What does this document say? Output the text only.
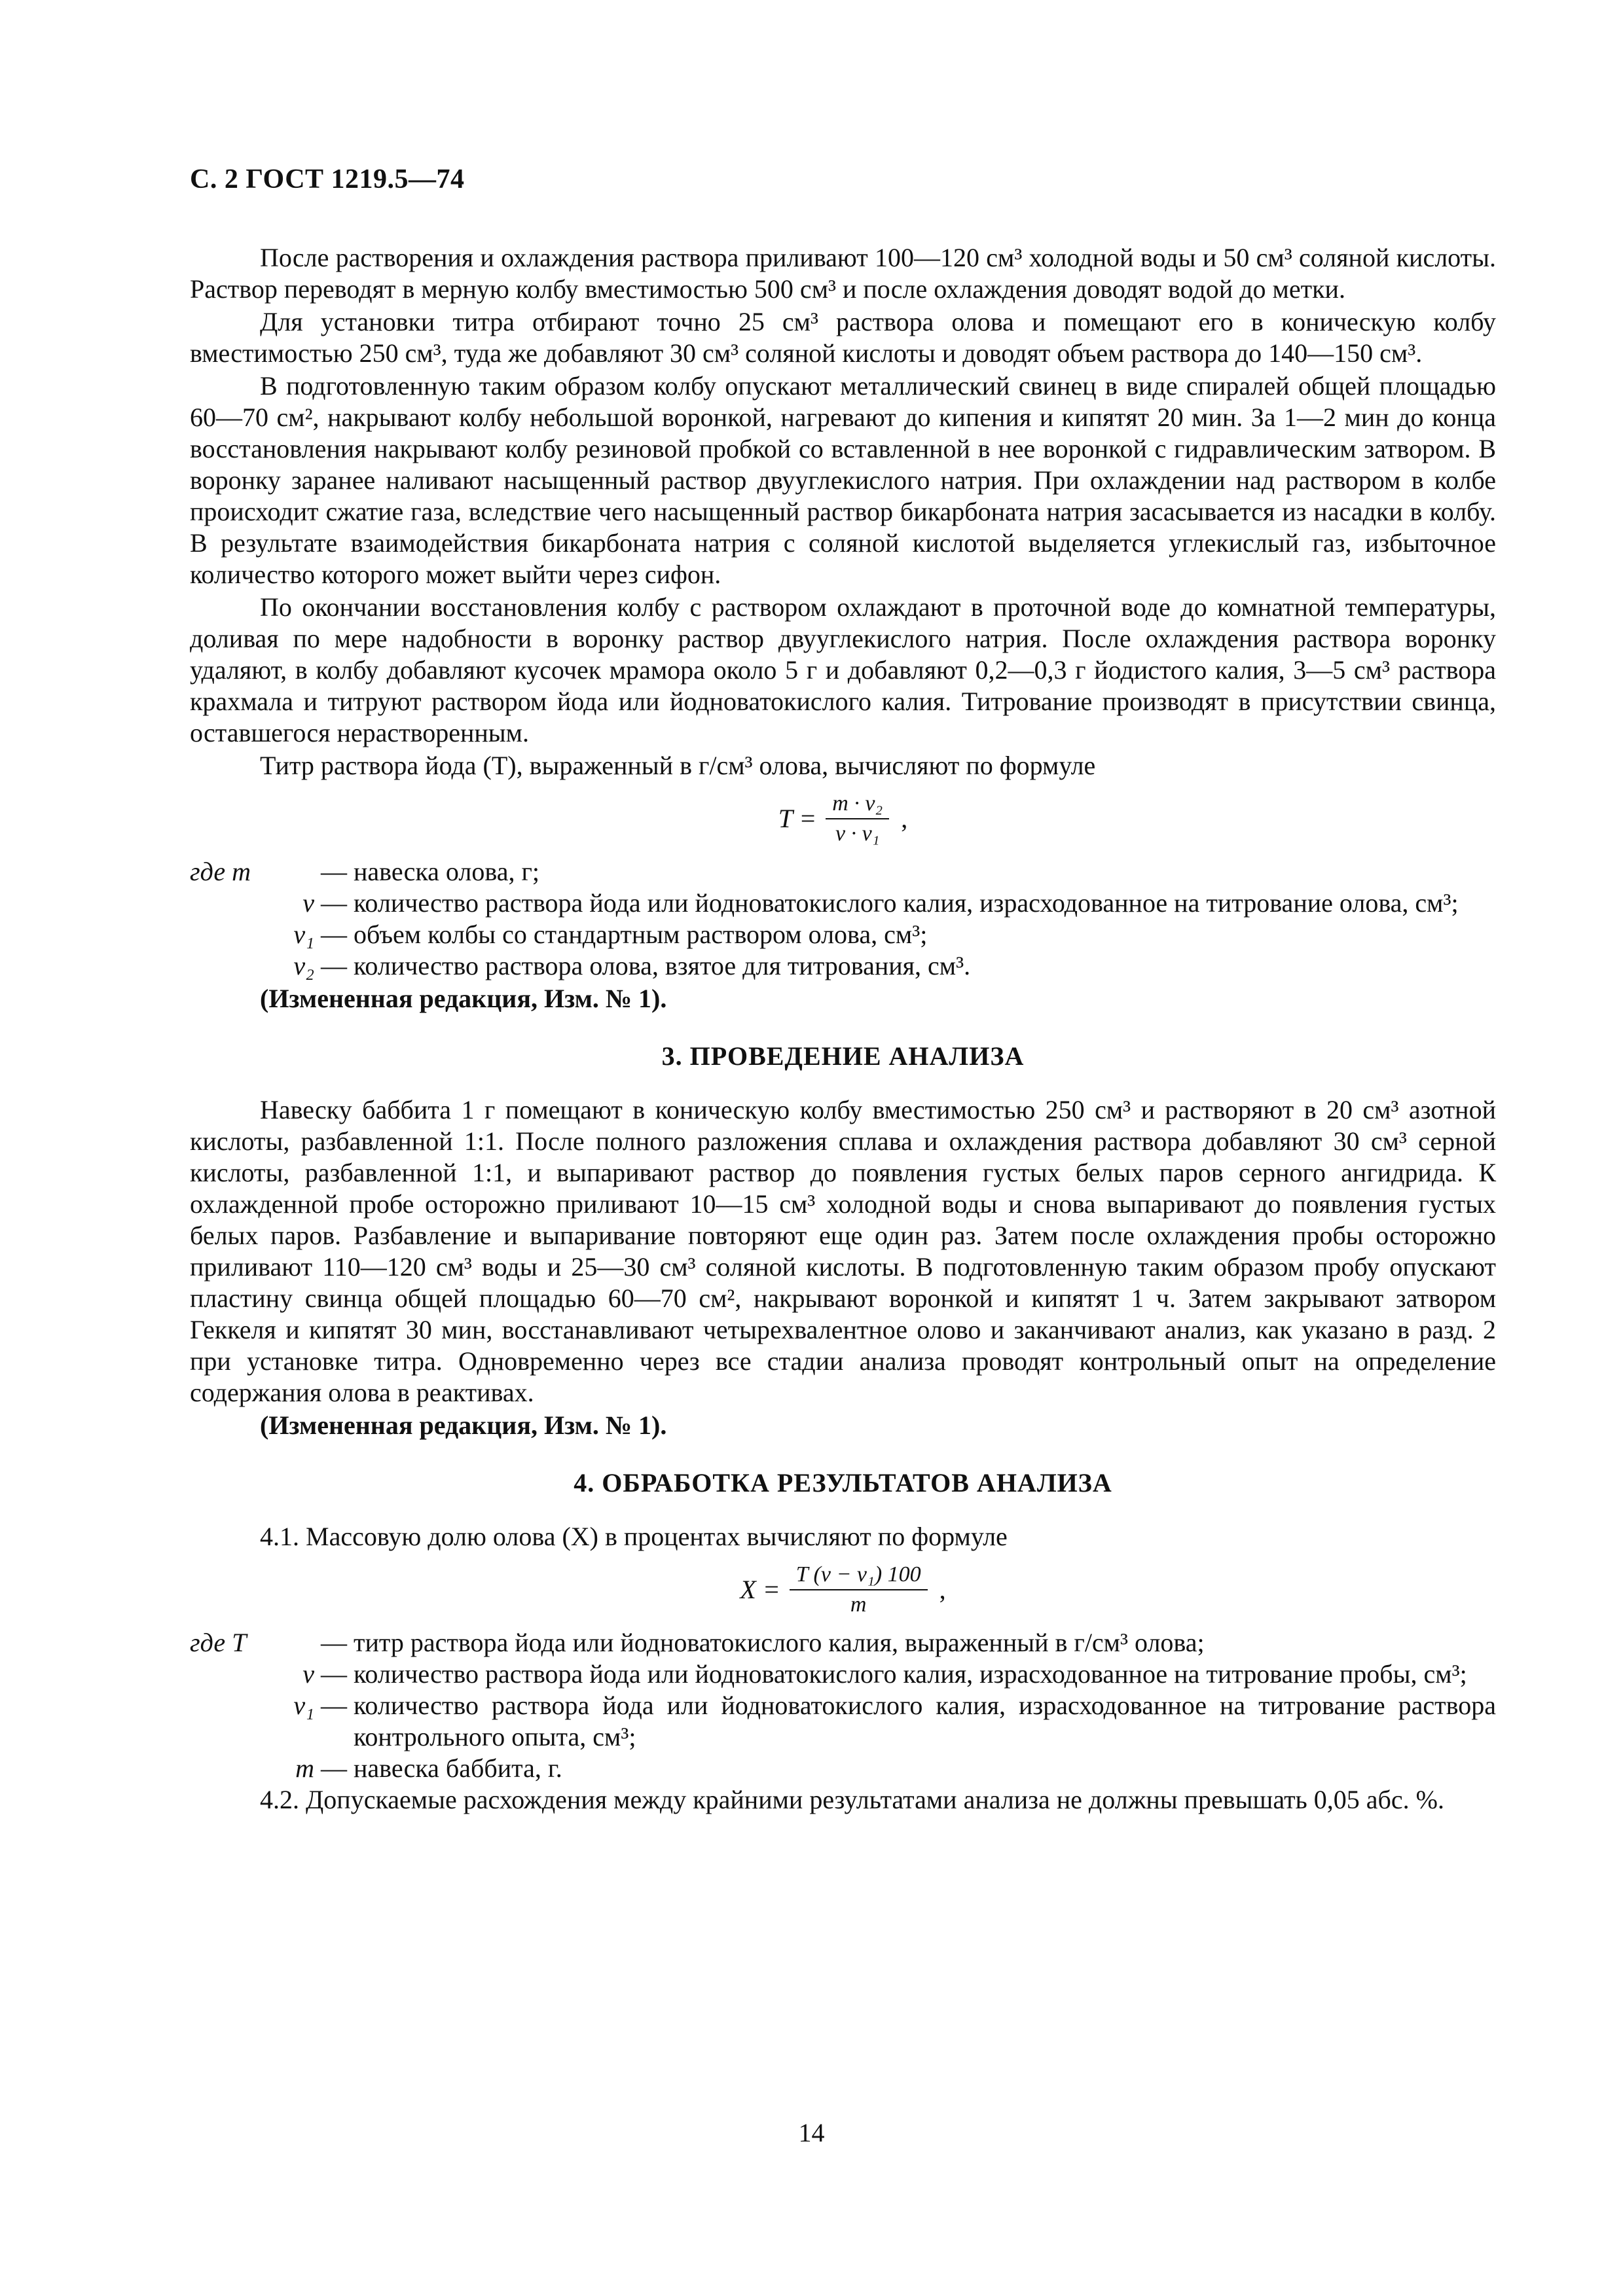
С. 2 ГОСТ 1219.5—74

После растворения и охлаждения раствора приливают 100—120 см³ холодной воды и 50 см³ соляной кислоты. Раствор переводят в мерную колбу вместимостью 500 см³ и после охлаждения доводят водой до метки.

Для установки титра отбирают точно 25 см³ раствора олова и помещают его в коническую колбу вместимостью 250 см³, туда же добавляют 30 см³ соляной кислоты и доводят объем раствора до 140—150 см³.

В подготовленную таким образом колбу опускают металлический свинец в виде спиралей общей площадью 60—70 см², накрывают колбу небольшой воронкой, нагревают до кипения и кипятят 20 мин. За 1—2 мин до конца восстановления накрывают колбу резиновой пробкой со вставленной в нее воронкой с гидравлическим затвором. В воронку заранее наливают насыщенный раствор двууглекислого натрия. При охлаждении над раствором в колбе происходит сжатие газа, вследствие чего насыщенный раствор бикарбоната натрия засасывается из насадки в колбу. В результате взаимодействия бикарбоната натрия с соляной кислотой выделяется углекислый газ, избыточное количество которого может выйти через сифон.

По окончании восстановления колбу с раствором охлаждают в проточной воде до комнатной температуры, доливая по мере надобности в воронку раствор двууглекислого натрия. После охлаждения раствора воронку удаляют, в колбу добавляют кусочек мрамора около 5 г и добавляют 0,2—0,3 г йодистого калия, 3—5 см³ раствора крахмала и титруют раствором йода или йодноватокислого калия. Титрование производят в присутствии свинца, оставшегося нерастворенным.

Титр раствора йода (T), выраженный в г/см³ олова, вычисляют по формуле

$T = \frac{\text{m · v₂}}{\text{v · v₁}}$ ,
где m	— навеска олова, г;
v — количество раствора йода или йодноватокислого калия, израсходованное на титрование олова, см³;
v₁ — объем колбы со стандартным раствором олова, см³;
v₂ — количество раствора олова, взятое для титрования, см³.

(Измененная редакция, Изм. № 1).

3. ПРОВЕДЕНИЕ АНАЛИЗА

Навеску баббита 1 г помещают в коническую колбу вместимостью 250 см³ и растворяют в 20 см³ азотной кислоты, разбавленной 1:1. После полного разложения сплава и охлаждения раствора добавляют 30 см³ серной кислоты, разбавленной 1:1, и выпаривают раствор до появления густых белых паров серного ангидрида. К охлажденной пробе осторожно приливают 10—15 см³ холодной воды и снова выпаривают до появления густых белых паров. Разбавление и выпаривание повторяют еще один раз. Затем после охлаждения пробы осторожно приливают 110—120 см³ воды и 25—30 см³ соляной кислоты. В подготовленную таким образом пробу опускают пластину свинца общей площадью 60—70 см², накрывают воронкой и кипятят 1 ч. Затем закрывают затвором Геккеля и кипятят 30 мин, восстанавливают четырехвалентное олово и заканчивают анализ, как указано в разд. 2 при установке титра. Одновременно через все стадии анализа проводят контрольный опыт на определение содержания олова в реактивах.

(Измененная редакция, Изм. № 1).

4. ОБРАБОТКА РЕЗУЛЬТАТОВ АНАЛИЗА

4.1. Массовую долю олова (X) в процентах вычисляют по формуле

$X = \frac{\text{T (v − v₁) 100}}{m}$ ,
где T	— титр раствора йода или йодноватокислого калия, выраженный в г/см³ олова;
v — количество раствора йода или йодноватокислого калия, израсходованное на титрование пробы, см³;
v₁ — количество раствора йода или йодноватокислого калия, израсходованное на титрование раствора контрольного опыта, см³;
m — навеска баббита, г.

4.2. Допускаемые расхождения между крайними результатами анализа не должны превышать 0,05 абс. %.

14
